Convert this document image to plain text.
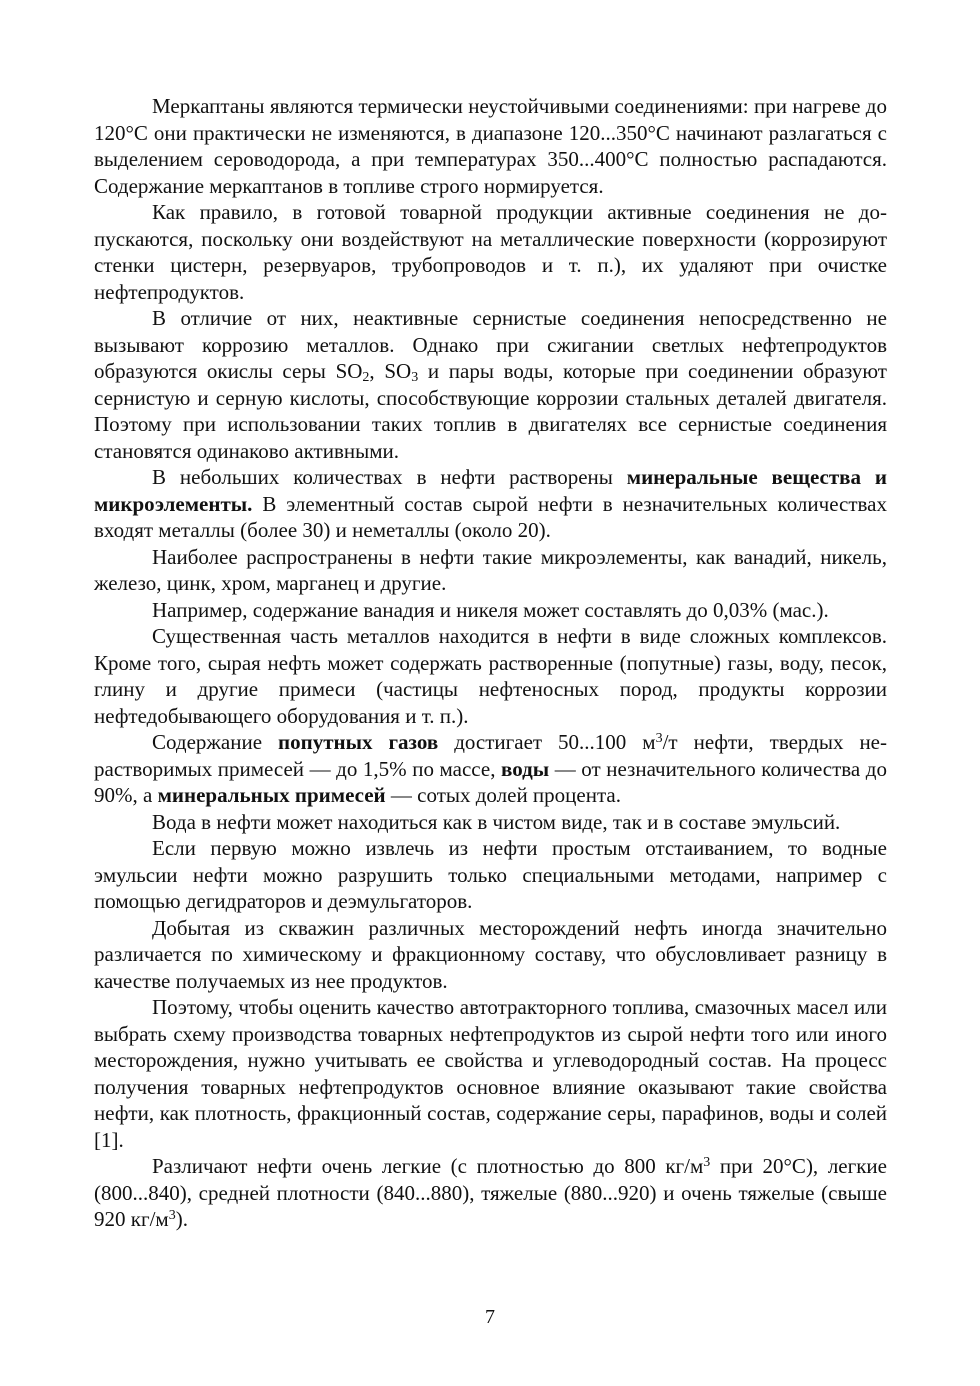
Меркаптаны являются термически неустойчивыми соединениями: при нагреве до 120°С они практически не изменяются, в диапазоне 120...350°С начинают разлагаться с выделением сероводорода, а при температурах 350...400°С полностью распадаются. Содержание меркаптанов в топливе строго нормируется.

Как правило, в готовой товарной продукции активные соединения не допускаются, поскольку они воздействуют на металлические поверхности (коррозируют стенки цистерн, резервуаров, трубопроводов и т. п.), их удаляют при очистке нефтепродуктов.

В отличие от них, неактивные сернистые соединения непосредственно не вызывают коррозию металлов. Однако при сжигании светлых нефтепродуктов образуются окислы серы $SO_2$, $SO_3$ и пары воды, которые при соединении образуют сернистую и серную кислоты, способствующие коррозии стальных деталей двигателя. Поэтому при использовании таких топлив в двигателях все сернистые соединения становятся одинаково активными.

В небольших количествах в нефти растворены минеральные вещества и микроэлементы. В элементный состав сырой нефти в незначительных количествах входят металлы (более 30) и неметаллы (около 20).

Наиболее распространены в нефти такие микроэлементы, как ванадий, никель, железо, цинк, хром, марганец и другие.

Например, содержание ванадия и никеля может составлять до 0,03% (мас.).

Существенная часть металлов находится в нефти в виде сложных комплексов. Кроме того, сырая нефть может содержать растворенные (попутные) газы, воду, песок, глину и другие примеси (частицы нефтеносных пород, продукты коррозии нефтедобывающего оборудования и т. п.).

Содержание попутных газов достигает 50...100 $м^3/т$ нефти, твердых нерастворимых примесей — до 1,5% по массе, воды — от незначительного количества до 90%, а минеральных примесей — сотых долей процента.

Вода в нефти может находиться как в чистом виде, так и в составе эмульсий.

Если первую можно извлечь из нефти простым отстаиванием, то водные эмульсии нефти можно разрушить только специальными методами, например с помощью дегидраторов и деэмульгаторов.

Добытая из скважин различных месторождений нефть иногда значительно различается по химическому и фракционному составу, что обусловливает разницу в качестве получаемых из нее продуктов.

Поэтому, чтобы оценить качество автотракторного топлива, смазочных масел или выбрать схему производства товарных нефтепродуктов из сырой нефти того или иного месторождения, нужно учитывать ее свойства и углеводородный состав. На процесс получения товарных нефтепродуктов основное влияние оказывают такие свойства нефти, как плотность, фракционный состав, содержание серы, парафинов, воды и солей [1].

Различают нефти очень легкие (с плотностью до 800 $кг/м^3$ при 20°С), легкие (800...840), средней плотности (840...880), тяжелые (880...920) и очень тяжелые (свыше 920 $кг/м^3$).

7
